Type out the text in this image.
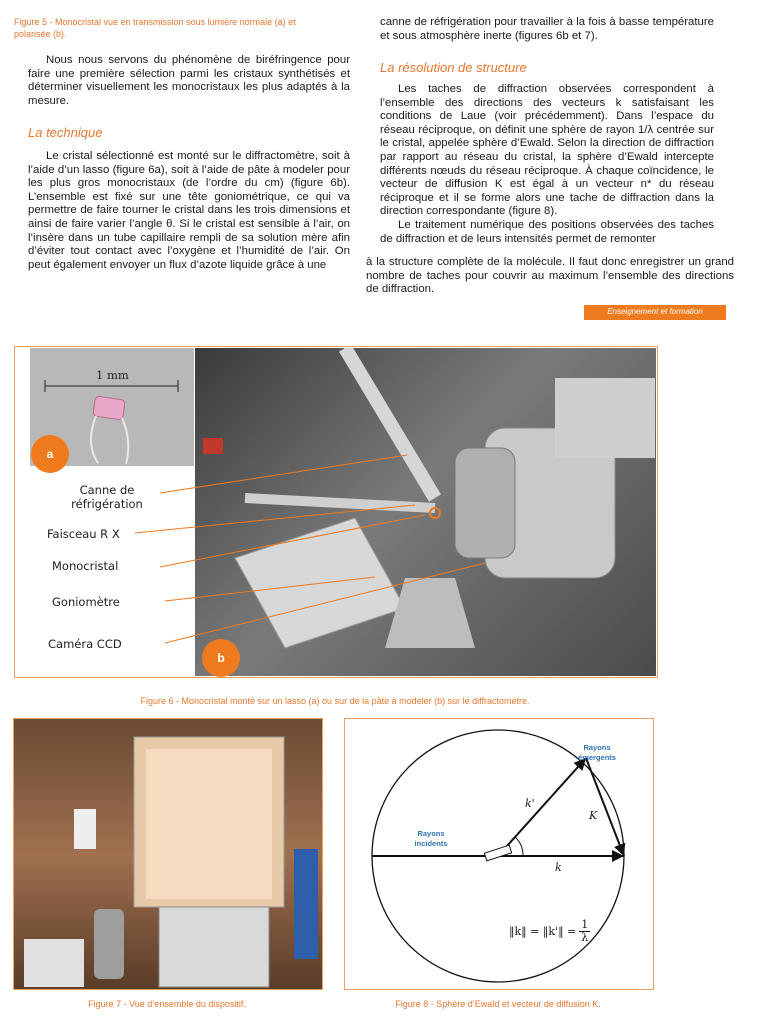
Figure 5 - Monocristal vue en transmission sous lumière normale (a) et
polarisée (b).

Nous nous servons du phénomène de biréfringence pour faire une première sélection parmi les cristaux synthétisés et déterminer visuellement les monocristaux les plus adaptés à la mesure.

La technique

Le cristal sélectionné est monté sur le diffractomètre, soit à l’aide d’un lasso (figure 6a), soit à l’aide de pâte à modeler pour les plus gros monocristaux (de l’ordre du cm) (figure 6b). L’ensemble est fixé sur une tête goniométrique, ce qui va permettre de faire tourner le cristal dans les trois dimensions et ainsi de faire varier l’angle θ. Si le cristal est sensible à l’air, on l’insère dans un tube capillaire rempli de sa solution mère afin d’éviter tout contact avec l’oxygène et l’humidité de l’air. On peut également envoyer un flux d’azote liquide grâce à une

canne de réfrigération pour travailler à la fois à basse température et sous atmosphère inerte (figures 6b et 7).
La résolution de structure

Les taches de diffraction observées correspondent à l’ensemble des directions des vecteurs k satisfaisant les conditions de Laue (voir précédemment). Dans l’espace du réseau réciproque, on définit une sphère de rayon 1/λ centrée sur le cristal, appelée sphère d’Ewald. Selon la direction de diffraction par rapport au réseau du cristal, la sphère d’Ewald intercepte différents nœuds du réseau réciproque. À chaque coïncidence, le vecteur de diffusion K est égal à un vecteur n* du réseau réciproque et il se forme alors une tache de diffraction dans la direction correspondante (figure 8).

Le traitement numérique des positions observées des taches de diffraction et de leurs intensités permet de remonter

à la structure complète de la molécule. Il faut donc enregistrer un grand nombre de taches pour couvrir au maximum l’ensemble des directions de diffraction.
Enseignement et formation
1 mm
a
Canne de réfrigération
Faisceau R X
Monocristal
Goniomètre
Caméra CCD
b
Figure 6 - Monocristal monté sur un lasso (a) ou sur de la pâte à modeler (b) sur le diffractomètre.
Figure 7 - Vue d’ensemble du dispositif.
Rayons
émergents
Rayons
incidents
k'
K
k
‖k‖ = ‖k'‖ = $\frac{1}{\lambda}$
Figure 8 - Sphère d’Ewald et vecteur de diffusion K.
